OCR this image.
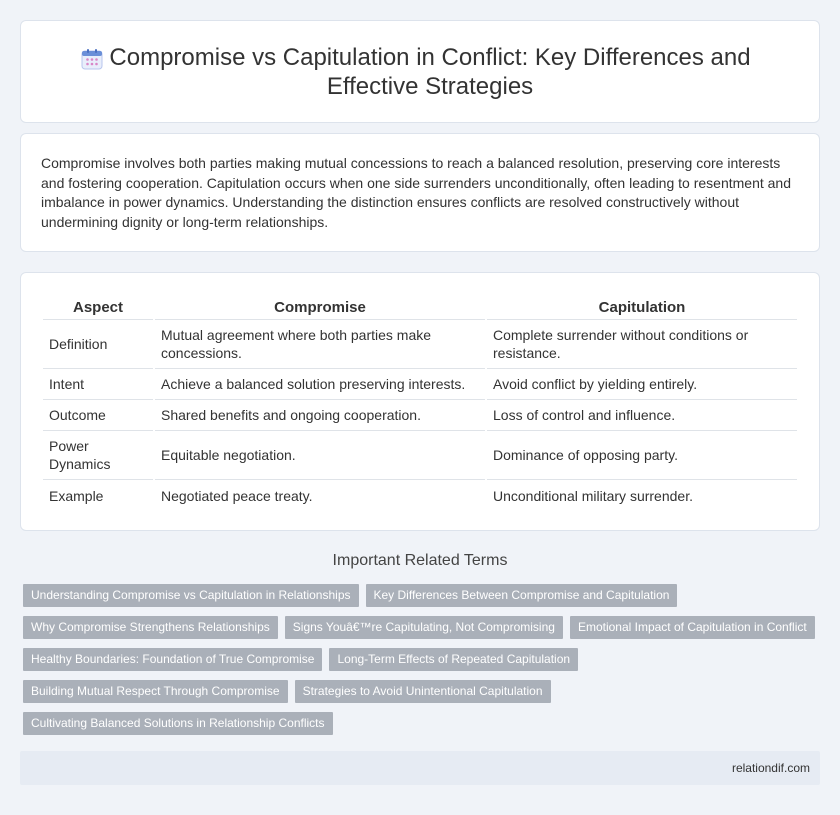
Compromise vs Capitulation in Conflict: Key Differences and Effective Strategies

Compromise involves both parties making mutual concessions to reach a balanced resolution, preserving core interests and fostering cooperation. Capitulation occurs when one side surrenders unconditionally, often leading to resentment and imbalance in power dynamics. Understanding the distinction ensures conflicts are resolved constructively without undermining dignity or long-term relationships.

Aspect	Compromise	Capitulation
Definition	Mutual agreement where both parties make concessions.	Complete surrender without conditions or resistance.
Intent	Achieve a balanced solution preserving interests.	Avoid conflict by yielding entirely.
Outcome	Shared benefits and ongoing cooperation.	Loss of control and influence.
Power Dynamics	Equitable negotiation.	Dominance of opposing party.
Example	Negotiated peace treaty.	Unconditional military surrender.
Important Related Terms
Understanding Compromise vs Capitulation in Relationships	Key Differences Between Compromise and Capitulation
Why Compromise Strengthens Relationships	Signs Youâ€™re Capitulating, Not Compromising	Emotional Impact of Capitulation in Conflict
Healthy Boundaries: Foundation of True Compromise	Long-Term Effects of Repeated Capitulation
Building Mutual Respect Through Compromise	Strategies to Avoid Unintentional Capitulation
Cultivating Balanced Solutions in Relationship Conflicts
relationdif.com
